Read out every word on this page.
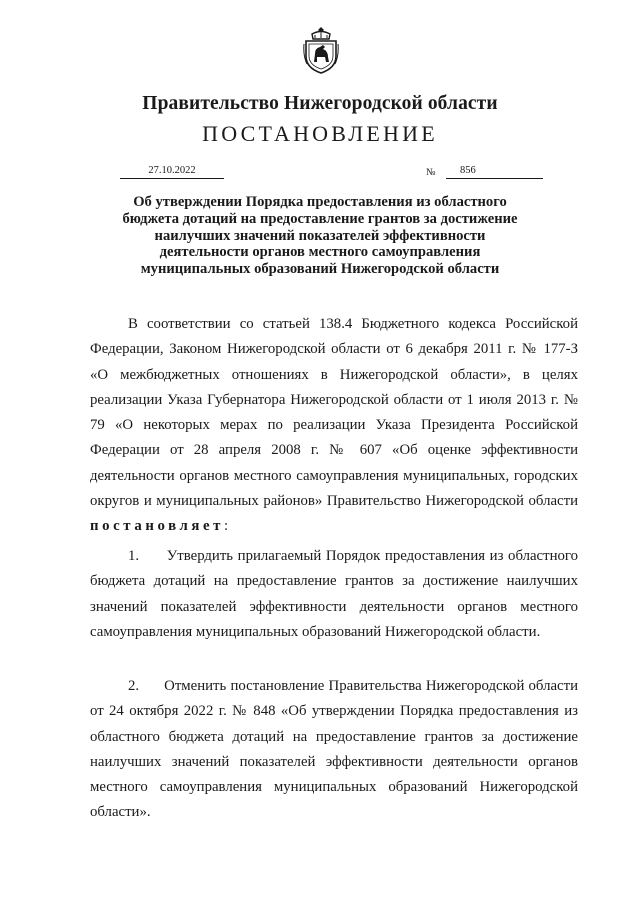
Правительство Нижегородской области
ПОСТАНОВЛЕНИЕ
27.10.2022	№	856
Об утверждении Порядка предоставления из областного
бюджета дотаций на предоставление грантов за достижение
наилучших значений показателей эффективности
деятельности органов местного самоуправления
муниципальных образований Нижегородской области

В соответствии со статьей 138.4 Бюджетного кодекса Российской Федерации, Законом Нижегородской области от 6 декабря 2011 г. № 177-З «О межбюджетных отношениях в Нижегородской области», в целях реализации Указа Губернатора Нижегородской области от 1 июля 2013 г. № 79 «О некоторых мерах по реализации Указа Президента Российской Федерации от 28 апреля 2008 г. № 607 «Об оценке эффективности деятельности органов местного самоуправления муниципальных, городских округов и муниципальных районов» Правительство Нижегородской области постановляет:

1. Утвердить прилагаемый Порядок предоставления из областного бюджета дотаций на предоставление грантов за достижение наилучших значений показателей эффективности деятельности органов местного самоуправления муниципальных образований Нижегородской области.

2. Отменить постановление Правительства Нижегородской области от 24 октября 2022 г. № 848 «Об утверждении Порядка предоставления из областного бюджета дотаций на предоставление грантов за достижение наилучших значений показателей эффективности деятельности органов местного самоуправления муниципальных образований Нижегородской области».
